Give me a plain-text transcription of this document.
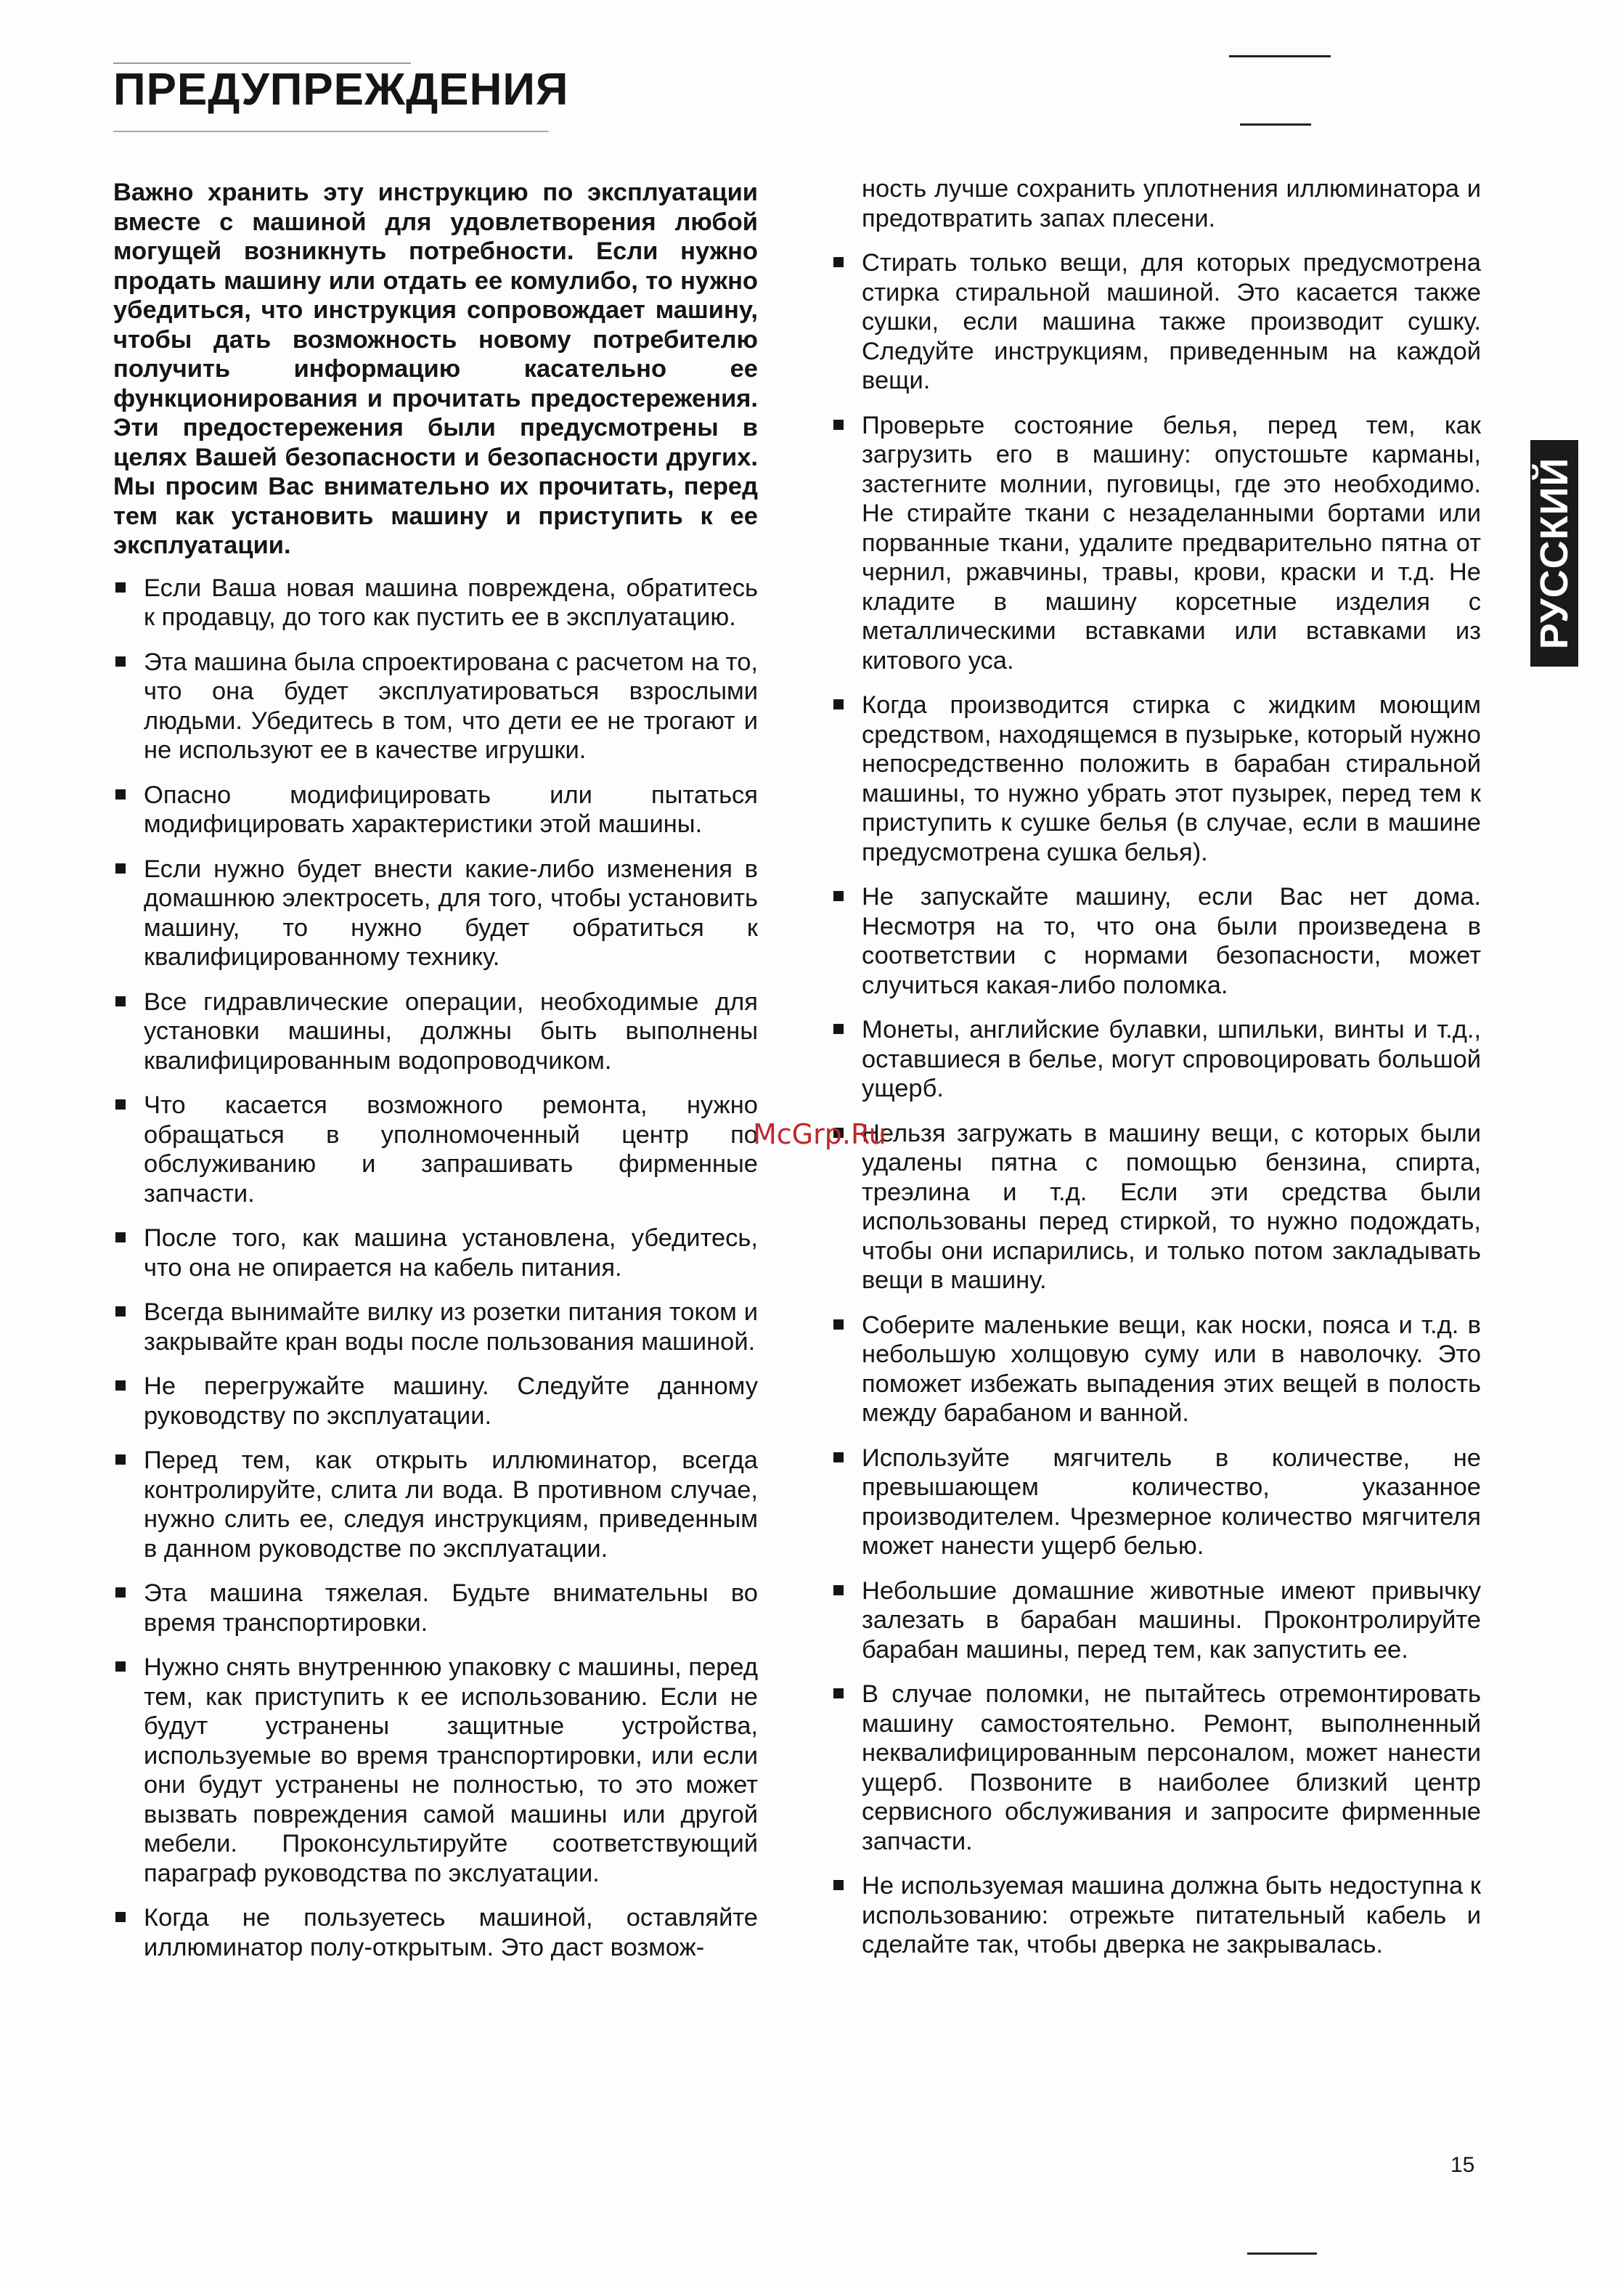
ПРЕДУПРЕЖДЕНИЯ
РУССКИЙ

Важно хранить эту инструкцию по эксплуатации вместе с машиной для удовлетворения любой могущей возникнуть потребности. Если нужно продать машину или отдать ее комулибо, то нужно убедиться, что инструкция сопровождает машину, чтобы дать возможность новому потребителю получить информацию касательно ее функционирования и прочитать предостережения. Эти предостережения были предусмотрены в целях Вашей безопасности и безопасности других. Мы просим Вас внимательно их прочитать, перед тем как установить машину и приступить к ее эксплуатации.

Если Ваша новая машина повреждена, обратитесь к продавцу, до того как пустить ее в эксплуатацию.
Эта машина была спроектирована с расчетом на то, что она будет эксплуатироваться взрослыми людьми. Убедитесь в том, что дети ее не трогают и не используют ее в качестве игрушки.
Опасно модифицировать или пытаться модифицировать характеристики этой машины.
Если нужно будет внести какие-либо изменения в домашнюю электросеть, для того, чтобы установить машину, то нужно будет обратиться к квалифицированному технику.
Все гидравлические операции, необходимые для установки машины, должны быть выполнены квалифицированным водопроводчиком.
Что касается возможного ремонта, нужно обращаться в уполномоченный центр по обслуживанию и запрашивать фирменные запчасти.
После того, как машина установлена, убедитесь, что она не опирается на кабель питания.
Всегда вынимайте вилку из розетки питания током и закрывайте кран воды после пользования машиной.
Не перегружайте машину. Следуйте данному руководству по эксплуатации.
Перед тем, как открыть иллюминатор, всегда контролируйте, слита ли вода. В противном случае, нужно слить ее, следуя инструкциям, приведенным в данном руководстве по эксплуатации.
Эта машина тяжелая. Будьте внимательны во время транспортировки.
Нужно снять внутреннюю упаковку с машины, перед тем, как приступить к ее использованию. Если не будут устранены защитные устройства, используемые во время транспортировки, или если они будут устранены не полностью, то это может вызвать повреждения самой машины или другой мебели. Проконсультируйте соответствующий параграф руководства по экслуатации.
Когда не пользуетесь машиной, оставляйте иллюминатор полу-открытым. Это даст возмож-

ность лучше сохранить уплотнения иллюминатора и предотвратить запах плесени.

Стирать только вещи, для которых предусмотрена стирка стиральной машиной. Это касается также сушки, если машина также производит сушку. Следуйте инструкциям, приведенным на каждой вещи.
Проверьте состояние белья, перед тем, как загрузить его в машину: опустошьте карманы, застегните молнии, пуговицы, где это необходимо. Не стирайте ткани с незаделанными бортами или порванные ткани, удалите предварительно пятна от чернил, ржавчины, травы, крови, краски и т.д. Не кладите в машину корсетные изделия с металлическими вставками или вставками из китового уса.
Когда производится стирка с жидким моющим средством, находящемся в пузырьке, который нужно непосредственно положить в барабан стиральной машины, то нужно убрать этот пузырек, перед тем к приступить к сушке белья (в случае, если в машине предусмотрена сушка белья).
Не запускайте машину, если Вас нет дома. Несмотря на то, что она были произведена в соответствии с нормами безопасности, может случиться какая-либо поломка.
Монеты, английские булавки, шпильки, винты и т.д., оставшиеся в белье, могут спровоцировать большой ущерб.
Нельзя загружать в машину вещи, с которых были удалены пятна с помощью бензина, спирта, треэлина и т.д. Если эти средства были использованы перед стиркой, то нужно подождать, чтобы они испарились, и только потом закладывать вещи в машину.
Соберите маленькие вещи, как носки, пояса и т.д. в небольшую холщовую суму или в наволочку. Это поможет избежать выпадения этих вещей в полость между барабаном и ванной.
Используйте мягчитель в количестве, не превышающем количество, указанное производителем. Чрезмерное количество мягчителя может нанести ущерб белью.
Небольшие домашние животные имеют привычку залезать в барабан машины. Проконтролируйте барабан машины, перед тем, как запустить ее.
В случае поломки, не пытайтесь отремонтировать машину самостоятельно. Ремонт, выполненный неквалифицированным персоналом, может нанести ущерб. Позвоните в наиболее близкий центр сервисного обслуживания и запросите фирменные запчасти.
Не используемая машина должна быть недоступна к использованию: отрежьте питательный кабель и сделайте так, чтобы дверка не закрывалась.
McGrp.Ru
15
